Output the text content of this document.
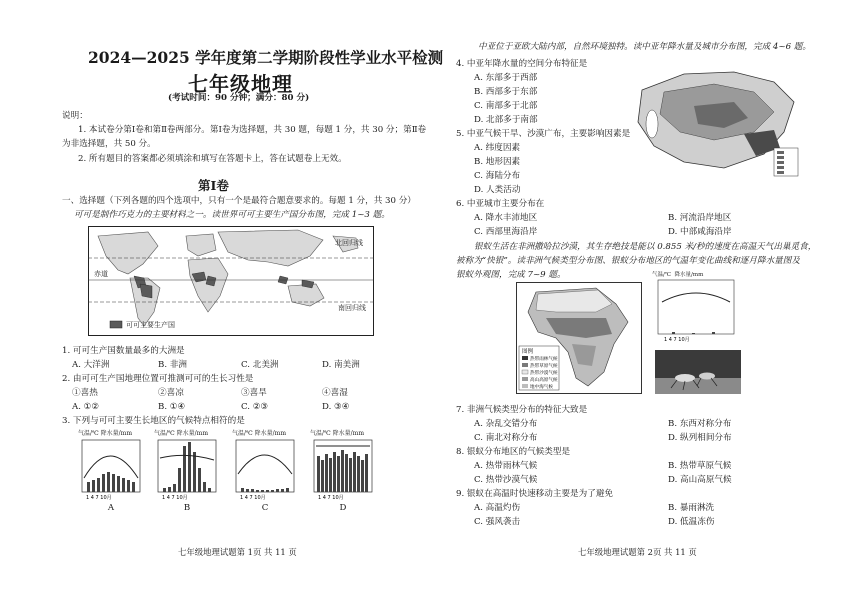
2024—2025 学年度第二学期阶段性学业水平检测
七年级地理
(考试时间：90 分钟；满分：80 分)
说明：
1. 本试卷分第Ⅰ卷和第Ⅱ卷两部分。第Ⅰ卷为选择题，共 30 题，每题 1 分，共 30 分；第Ⅱ卷
为非选择题，共 50 分。
2. 所有题目的答案都必须填涂和填写在答题卡上，答在试题卷上无效。
第Ⅰ卷
一、选择题（下列各题的四个选项中，只有一个是最符合题意要求的。每题 1 分，共 30 分）
可可是制作巧克力的主要材料之一。读世界可可主要生产国分布图，完成 1~3 题。
北回归线
赤道
南回归线
可可主要生产国
1. 可可生产国数量最多的大洲是
A. 大洋洲	B. 非洲	C. 北美洲	D. 南美洲
2. 由可可生产国地理位置可推测可可的生长习性是
①喜热	②喜凉	③喜旱	④喜湿
A. ①②	B. ①④	C. ②③	D. ③④
3. 下列与可可主要生长地区的气候特点相符的是
气温/℃ 降水量/mm
1 4 7 10月
A
气温/℃ 降水量/mm
1 4 7 10月
B
气温/℃ 降水量/mm
1 4 7 10月
C
气温/℃ 降水量/mm
1 4 7 10月
D
七年级地理试题第 1页 共 11 页
中亚位于亚欧大陆内部，自然环境独特。读中亚年降水量及城市分布图，完成 4~6 题。
4. 中亚年降水量的空间分布特征是
A. 东部多于西部
B. 西部多于东部
C. 南部多于北部
D. 北部多于南部
5. 中亚气候干旱、沙漠广布，主要影响因素是
A. 纬度因素
B. 地形因素
C. 海陆分布
D. 人类活动
6. 中亚城市主要分布在
A. 降水丰沛地区	B. 河流沿岸地区
C. 西部里海沿岸	D. 中部咸海沿岸
银蚁生活在非洲撒哈拉沙漠，其生存绝技是能以 0.855 米/秒的速度在高温天气出巢觅食，
被称为“快银”。读非洲气候类型分布图、银蚁分布地区的气温年变化曲线和逐月降水量图及
银蚁外观图，完成 7~9 题。
图例
热带雨林气候
热带草原气候
热带沙漠气候
高山高原气候
地中海气候
气温/℃ 降水量/mm
1 4 7 10月
7. 非洲气候类型分布的特征大致是
A. 杂乱交错分布	B. 东西对称分布
C. 南北对称分布	D. 纵列相间分布
8. 银蚁分布地区的气候类型是
A. 热带雨林气候	B. 热带草原气候
C. 热带沙漠气候	D. 高山高原气候
9. 银蚁在高温时快速移动主要是为了避免
A. 高温灼伤	B. 暴雨淋洗
C. 强风袭击	D. 低温冻伤
七年级地理试题第 2页 共 11 页
